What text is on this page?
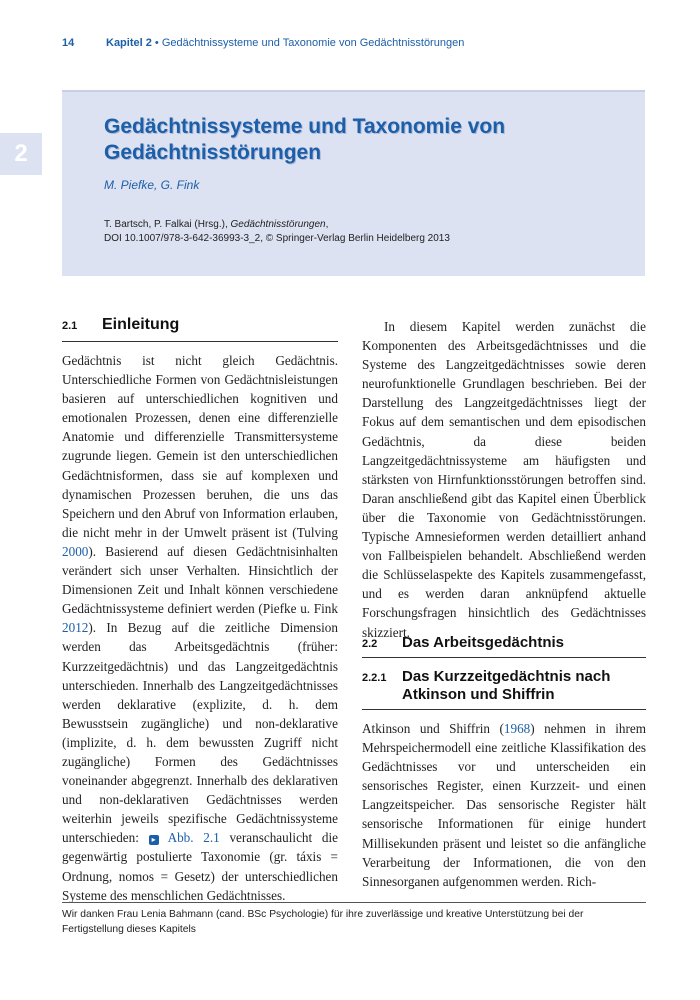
14	Kapitel 2 • Gedächtnissysteme und Taxonomie von Gedächtnisstörungen
2
Gedächtnissysteme und Taxonomie von Gedächtnisstörungen
M. Piefke, G. Fink

T. Bartsch, P. Falkai (Hrsg.), Gedächtnisstörungen,

DOI 10.1007/978-3-642-36993-3_2, © Springer-Verlag Berlin Heidelberg 2013

2.1 Einleitung

Gedächtnis ist nicht gleich Gedächtnis. Unterschiedliche Formen von Gedächtnisleistungen basieren auf unterschiedlichen kognitiven und emotionalen Prozessen, denen eine differenzielle Anatomie und differenzielle Transmittersysteme zugrunde liegen. Gemein ist den unterschiedlichen Gedächtnisformen, dass sie auf komplexen und dynamischen Prozessen beruhen, die uns das Speichern und den Abruf von Information erlauben, die nicht mehr in der Umwelt präsent ist (Tulving 2000). Basierend auf diesen Gedächtnisinhalten verändert sich unser Verhalten. Hinsichtlich der Dimensionen Zeit und Inhalt können verschiedene Gedächtnissysteme definiert werden (Piefke u. Fink 2012). In Bezug auf die zeitliche Dimension werden das Arbeitsgedächtnis (früher: Kurzzeitgedächtnis) und das Langzeitgedächtnis unterschieden. Innerhalb des Langzeitgedächtnisses werden deklarative (explizite, d. h. dem Bewusstsein zugängliche) und non-deklarative (implizite, d. h. dem bewussten Zugriff nicht zugängliche) Formen des Gedächtnisses voneinander abgegrenzt. Innerhalb des deklarativen und non-deklarativen Gedächtnisses werden weiterhin jeweils spezifische Gedächtnissysteme unterschieden: ▸ Abb. 2.1 veranschaulicht die gegenwärtig postulierte Taxonomie (gr. táxis = Ordnung, nomos = Gesetz) der unterschiedlichen Systeme des menschlichen Gedächtnisses.

In diesem Kapitel werden zunächst die Komponenten des Arbeitsgedächtnisses und die Systeme des Langzeitgedächtnisses sowie deren neurofunktionelle Grundlagen beschrieben. Bei der Darstellung des Langzeitgedächtnisses liegt der Fokus auf dem semantischen und dem episodischen Gedächtnis, da diese beiden Langzeitgedächtnissysteme am häufigsten und stärksten von Hirnfunktionsstörungen betroffen sind. Daran anschließend gibt das Kapitel einen Überblick über die Taxonomie von Gedächtnisstörungen. Typische Amnesieformen werden detailliert anhand von Fallbeispielen behandelt. Abschließend werden die Schlüsselaspekte des Kapitels zusammengefasst, und es werden daran anknüpfend aktuelle Forschungsfragen hinsichtlich des Gedächtnisses skizziert.

2.2 Das Arbeitsgedächtnis
2.2.1 Das Kurzzeitgedächtnis nach Atkinson und Shiffrin

Atkinson und Shiffrin (1968) nehmen in ihrem Mehrspeichermodell eine zeitliche Klassifikation des Gedächtnisses vor und unterscheiden ein sensorisches Register, einen Kurzzeit- und einen Langzeitspeicher. Das sensorische Register hält sensorische Informationen für einige hundert Millisekunden präsent und leistet so die anfängliche Verarbeitung der Informationen, die von den Sinnesorganen aufgenommen werden. Rich-

Wir danken Frau Lenia Bahmann (cand. BSc Psychologie) für ihre zuverlässige und kreative Unterstützung bei der Fertigstellung dieses Kapitels
